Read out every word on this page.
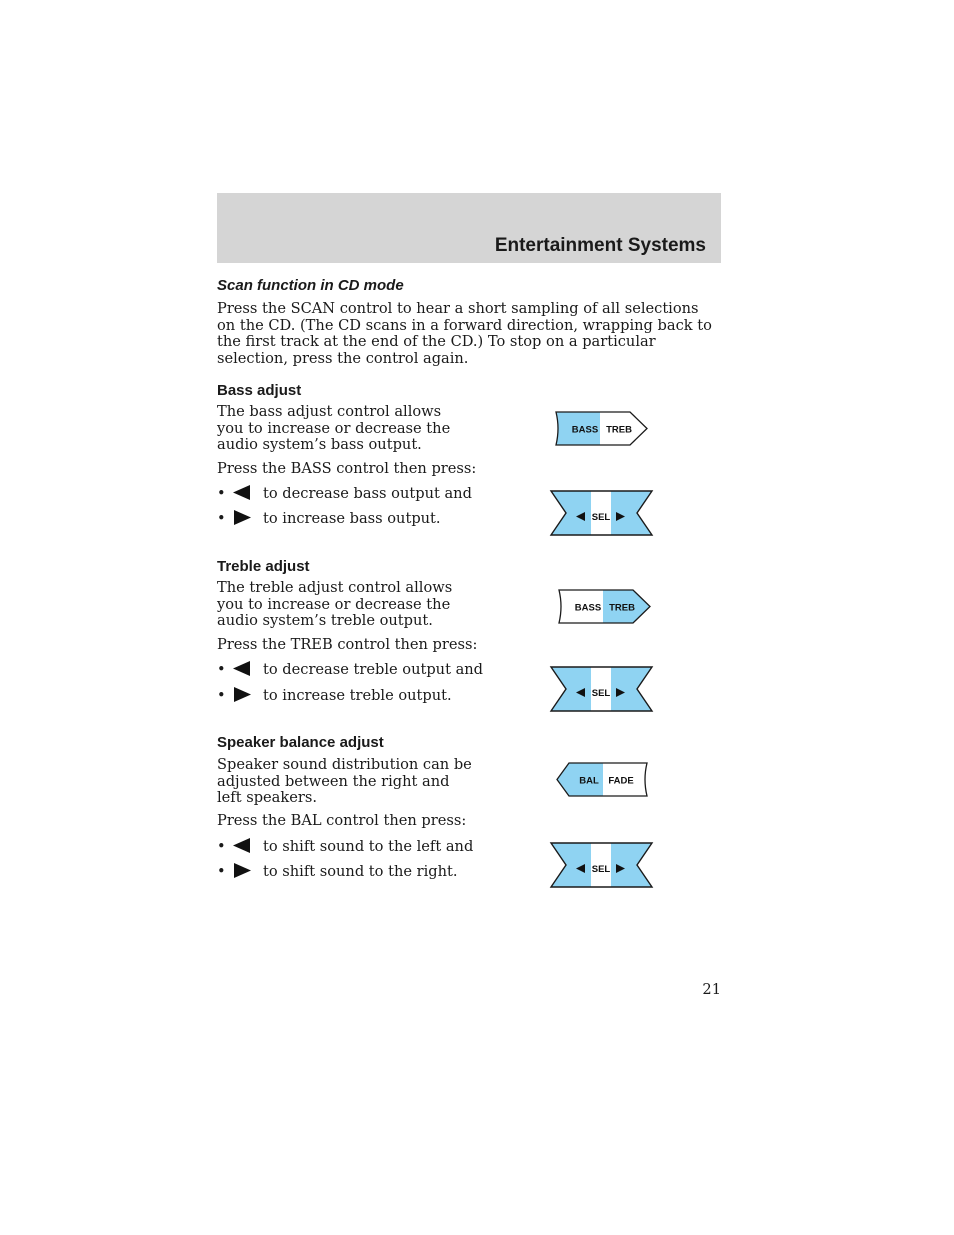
Entertainment Systems
Scan function in CD mode

Press the SCAN control to hear a short sampling of all selections on the CD. (The CD scans in a forward direction, wrapping back to the first track at the end of the CD.) To stop on a particular selection, press the control again.

Bass adjust

The bass adjust control allows you to increase or decrease the audio system’s bass output.

Press the BASS control then press:

•	to decrease bass output and
•	to increase bass output.
BASS TREB
SEL
Treble adjust

The treble adjust control allows you to increase or decrease the audio system’s treble output.

Press the TREB control then press:

•	to decrease treble output and
•	to increase treble output.
BASS TREB
SEL
Speaker balance adjust

Speaker sound distribution can be adjusted between the right and left speakers.

Press the BAL control then press:

•	to shift sound to the left and
•	to shift sound to the right.
BAL FADE
SEL

21
